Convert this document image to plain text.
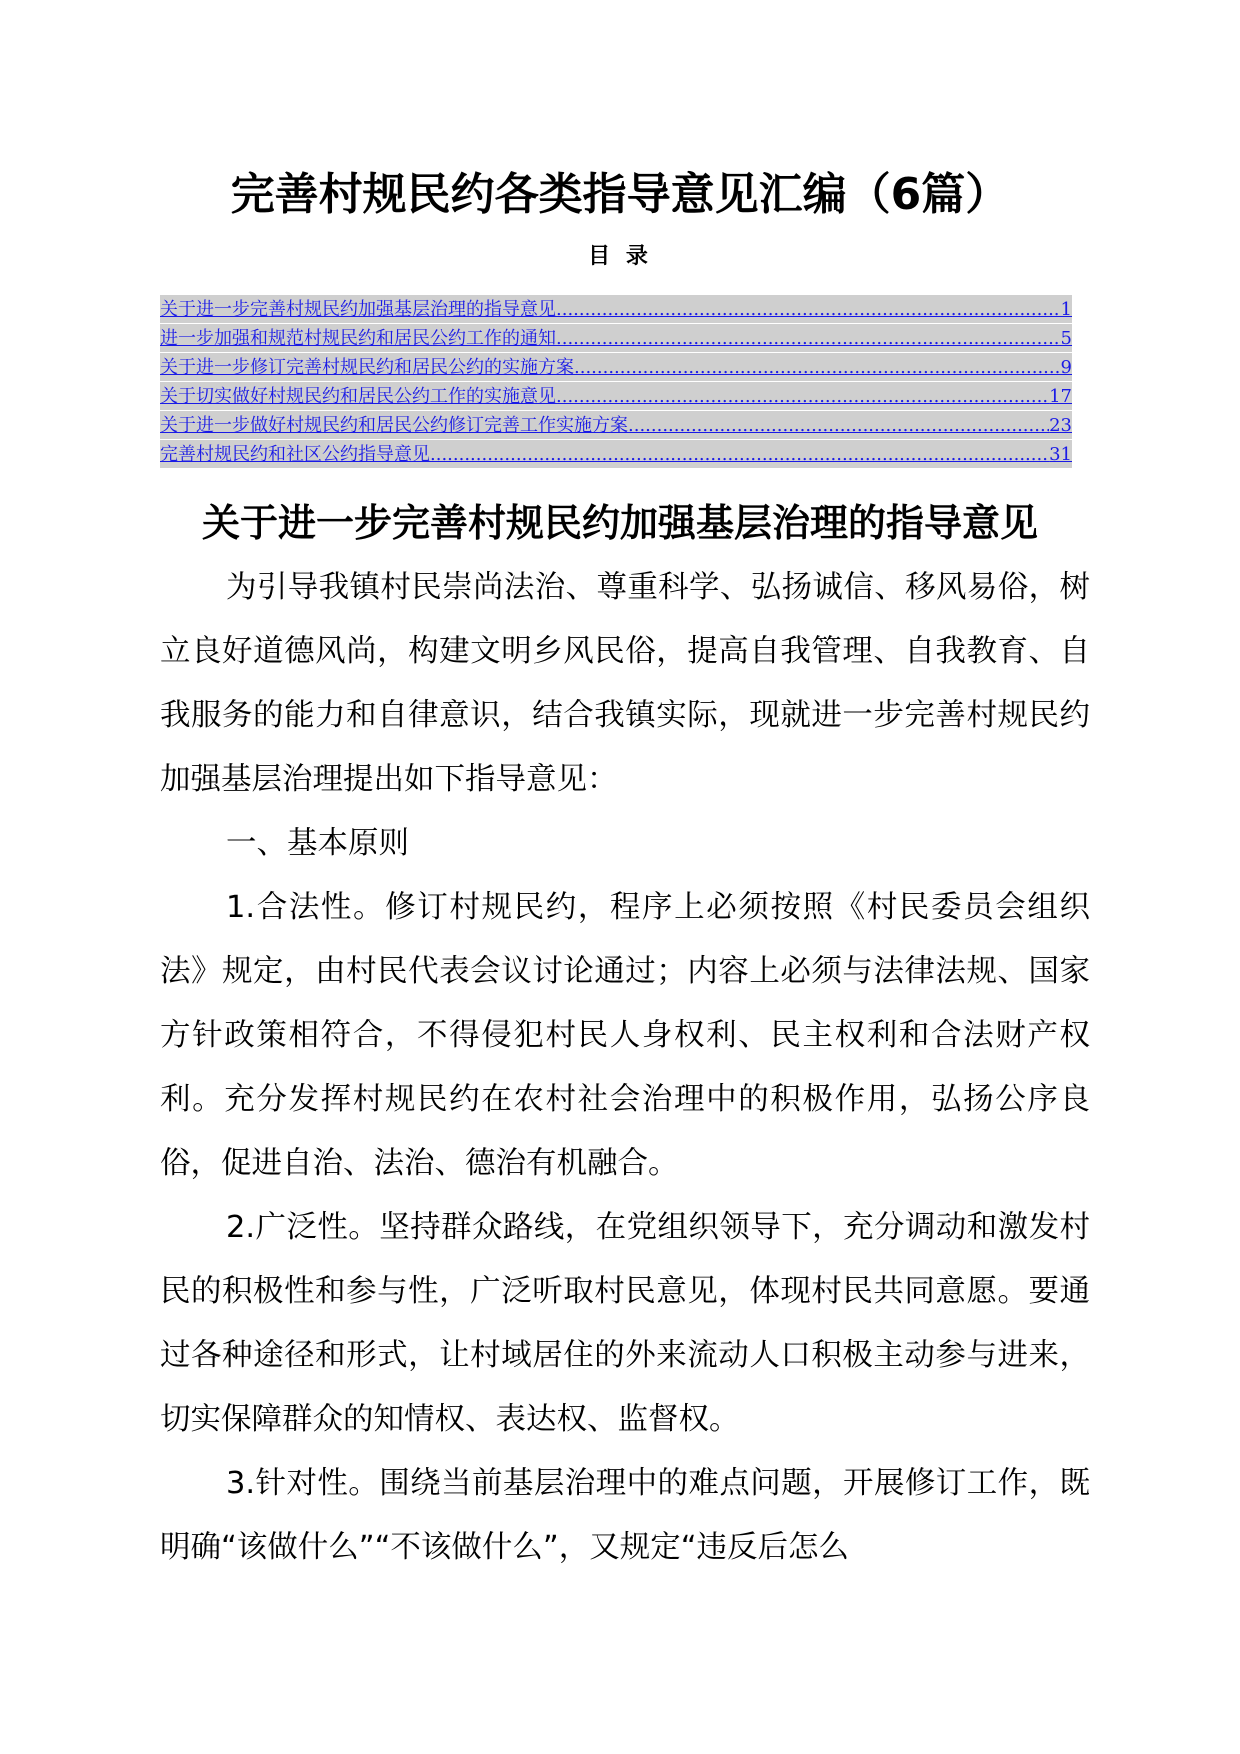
完善村规民约各类指导意见汇编（6篇）
目 录
关于进一步完善村规民约加强基层治理的指导意见 .....	1
进一步加强和规范村规民约和居民公约工作的通知 .....	5
关于进一步修订完善村规民约和居民公约的实施方案 .....	9
关于切实做好村规民约和居民公约工作的实施意见 .....	17
关于进一步做好村规民约和居民公约修订完善工作实施方案 .....	23
完善村规民约和社区公约指导意见 .....	31
关于进一步完善村规民约加强基层治理的指导意见

为引导我镇村民崇尚法治、尊重科学、弘扬诚信、移风易俗，树立良好道德风尚，构建文明乡风民俗，提高自我管理、自我教育、自我服务的能力和自律意识，结合我镇实际，现就进一步完善村规民约加强基层治理提出如下指导意见：

一、基本原则

1.合法性。修订村规民约，程序上必须按照《村民委员会组织法》规定，由村民代表会议讨论通过；内容上必须与法律法规、国家方针政策相符合，不得侵犯村民人身权利、民主权利和合法财产权利。充分发挥村规民约在农村社会治理中的积极作用，弘扬公序良俗，促进自治、法治、德治有机融合。

2.广泛性。坚持群众路线，在党组织领导下，充分调动和激发村民的积极性和参与性，广泛听取村民意见，体现村民共同意愿。要通过各种途径和形式，让村域居住的外来流动人口积极主动参与进来，切实保障群众的知情权、表达权、监督权。

3.针对性。围绕当前基层治理中的难点问题，开展修订工作，既明确“该做什么”“不该做什么”，又规定“违反后怎么
